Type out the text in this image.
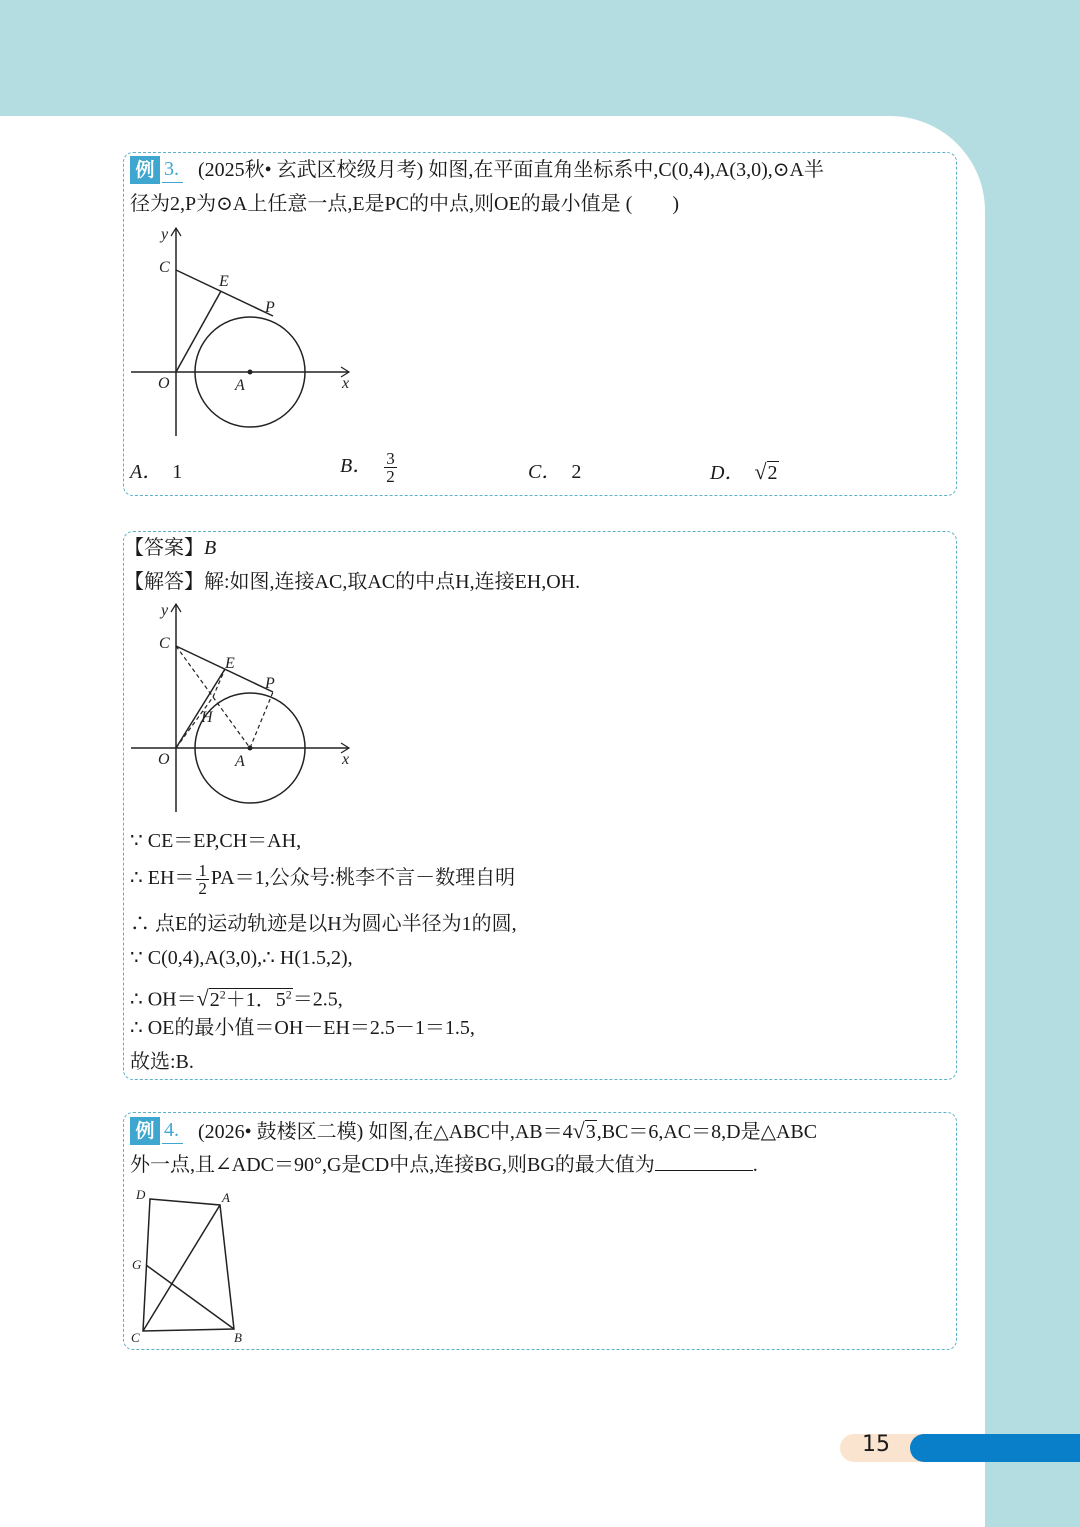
例 3. (2025秋• 玄武区校级月考) 如图,在平面直角坐标系中,C(0,4),A(3,0),⊙A半
径为2,P为⊙A上任意一点,E是PC的中点,则OE的最小值是 (　　)
y
C
E
P
O	A	x
A． 1	B． $\frac{3}{2}$	C． 2	D． √2
【答案】B
【解答】解:如图,连接AC,取AC的中点H,连接EH,OH.
y
C
E
P
H
O	A	x
∵ CE＝EP,CH＝AH,
∴ $EH= \frac{1}{2} PA=1$,公众号:桃李不言－数理自明
∴ 点E的运动轨迹是以H为圆心半径为1的圆,
∵ C(0,4),A(3,0),∴ H(1.5,2),
∴ $OH=√2^2+1$．$5^2=2.5$,
∴ OE的最小值＝OH－EH＝2.5－1＝1.5,
故选:B.
例 4. (2026• 鼓楼区二模) 如图,在△ABC中,AB＝4√3,BC＝6,AC＝8,D是△ABC
外一点,且∠ADC＝90°,G是CD中点,连接BG,则BG的最大值为	.
D	A
G
C	B
15
